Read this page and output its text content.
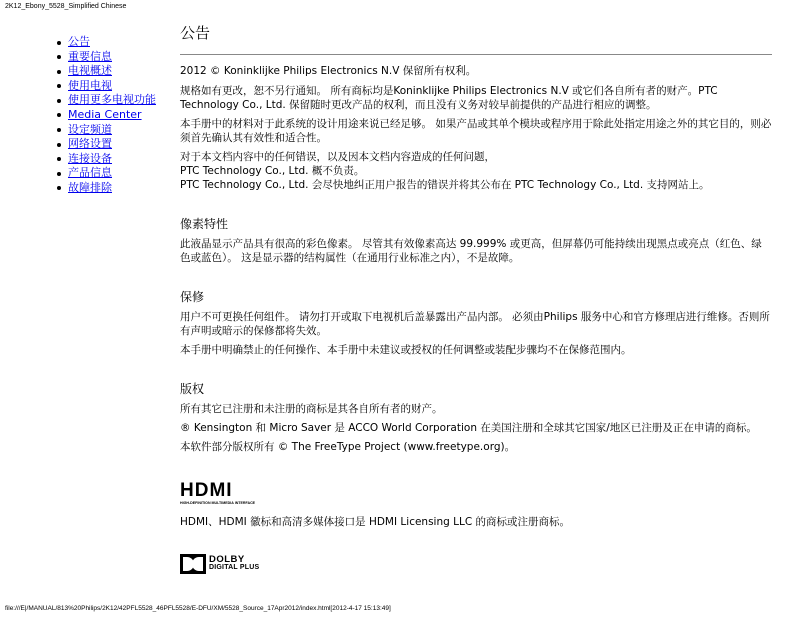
2K12_Ebony_5528_Simplified Chinese
公告
重要信息
电视概述
使用电视
使用更多电视功能
Media Center
设定频道
网络设置
连接设备
产品信息
故障排除
公告

2012 © Koninklijke Philips Electronics N.V 保留所有权利。

规格如有更改，恕不另行通知。 所有商标均是Koninklijke Philips Electronics N.V 或它们各自所有者的财产。PTC Technology Co., Ltd. 保留随时更改产品的权利，而且没有义务对较早前提供的产品进行相应的调整。

本手册中的材料对于此系统的设计用途来说已经足够。 如果产品或其单个模块或程序用于除此处指定用途之外的其它目的，则必须首先确认其有效性和适合性。

对于本文档内容中的任何错误，以及因本文档内容造成的任何问题，

PTC Technology Co., Ltd. 概不负责。

PTC Technology Co., Ltd. 会尽快地纠正用户报告的错误并将其公布在 PTC Technology Co., Ltd. 支持网站上。

像素特性

此液晶显示产品具有很高的彩色像素。 尽管其有效像素高达 99.999% 或更高，但屏幕仍可能持续出现黑点或亮点（红色、绿色或蓝色）。 这是显示器的结构属性（在通用行业标准之内），不是故障。

保修

用户不可更换任何组件。 请勿打开或取下电视机后盖暴露出产品内部。 必须由Philips 服务中心和官方修理店进行维修。否则所有声明或暗示的保修都将失效。

本手册中明确禁止的任何操作、本手册中未建议或授权的任何调整或装配步骤均不在保修范围内。

版权

所有其它已注册和未注册的商标是其各自所有者的财产。

® Kensington 和 Micro Saver 是 ACCO World Corporation 在美国注册和全球其它国家/地区已注册及正在申请的商标。

本软件部分版权所有 © The FreeType Project (www.freetype.org)。

HDMI
HIGH-DEFINITION MULTIMEDIA INTERFACE

HDMI、HDMI 徽标和高清多媒体接口是 HDMI Licensing LLC 的商标或注册商标。

DOLBY
DIGITAL PLUS
file:///E|/MANUAL/813%20Philips/2K12/42PFL5528_46PFL5528/E-DFU/XM/5528_Source_17Apr2012/index.html[2012-4-17 15:13:49]
